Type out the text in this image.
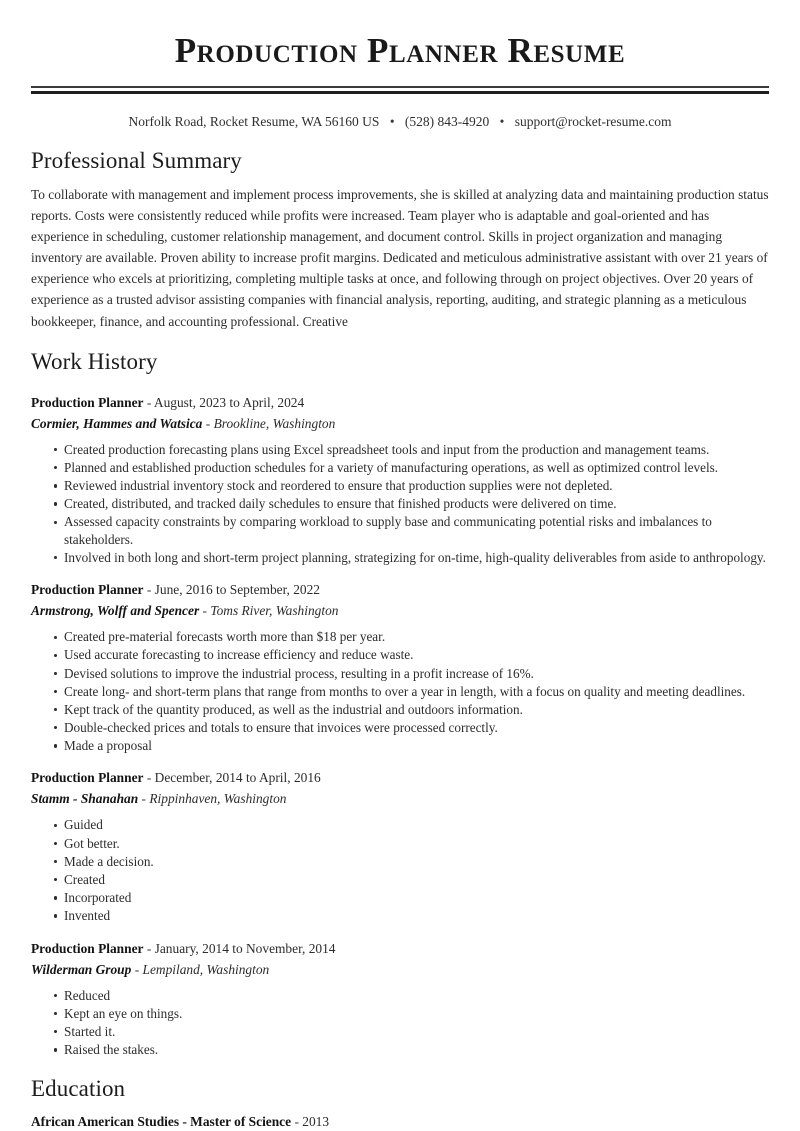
Production Planner Resume
Norfolk Road, Rocket Resume, WA 56160 US • (528) 843-4920 • support@rocket-resume.com
Professional Summary

To collaborate with management and implement process improvements, she is skilled at analyzing data and maintaining production status reports. Costs were consistently reduced while profits were increased. Team player who is adaptable and goal-oriented and has experience in scheduling, customer relationship management, and document control. Skills in project organization and managing inventory are available. Proven ability to increase profit margins. Dedicated and meticulous administrative assistant with over 21 years of experience who excels at prioritizing, completing multiple tasks at once, and following through on project objectives. Over 20 years of experience as a trusted advisor assisting companies with financial analysis, reporting, auditing, and strategic planning as a meticulous bookkeeper, finance, and accounting professional. Creative

Work History
Production Planner - August, 2023 to April, 2024
Cormier, Hammes and Watsica - Brookline, Washington
Created production forecasting plans using Excel spreadsheet tools and input from the production and management teams.
Planned and established production schedules for a variety of manufacturing operations, as well as optimized control levels.
Reviewed industrial inventory stock and reordered to ensure that production supplies were not depleted.
Created, distributed, and tracked daily schedules to ensure that finished products were delivered on time.
Assessed capacity constraints by comparing workload to supply base and communicating potential risks and imbalances to stakeholders.
Involved in both long and short-term project planning, strategizing for on-time, high-quality deliverables from aside to anthropology.
Production Planner - June, 2016 to September, 2022
Armstrong, Wolff and Spencer - Toms River, Washington
Created pre-material forecasts worth more than $18 per year.
Used accurate forecasting to increase efficiency and reduce waste.
Devised solutions to improve the industrial process, resulting in a profit increase of 16%.
Create long- and short-term plans that range from months to over a year in length, with a focus on quality and meeting deadlines.
Kept track of the quantity produced, as well as the industrial and outdoors information.
Double-checked prices and totals to ensure that invoices were processed correctly.
Made a proposal
Production Planner - December, 2014 to April, 2016
Stamm - Shanahan - Rippinhaven, Washington
Guided
Got better.
Made a decision.
Created
Incorporated
Invented
Production Planner - January, 2014 to November, 2014
Wilderman Group - Lempiland, Washington
Reduced
Kept an eye on things.
Started it.
Raised the stakes.
Education
African American Studies - Master of Science - 2013
